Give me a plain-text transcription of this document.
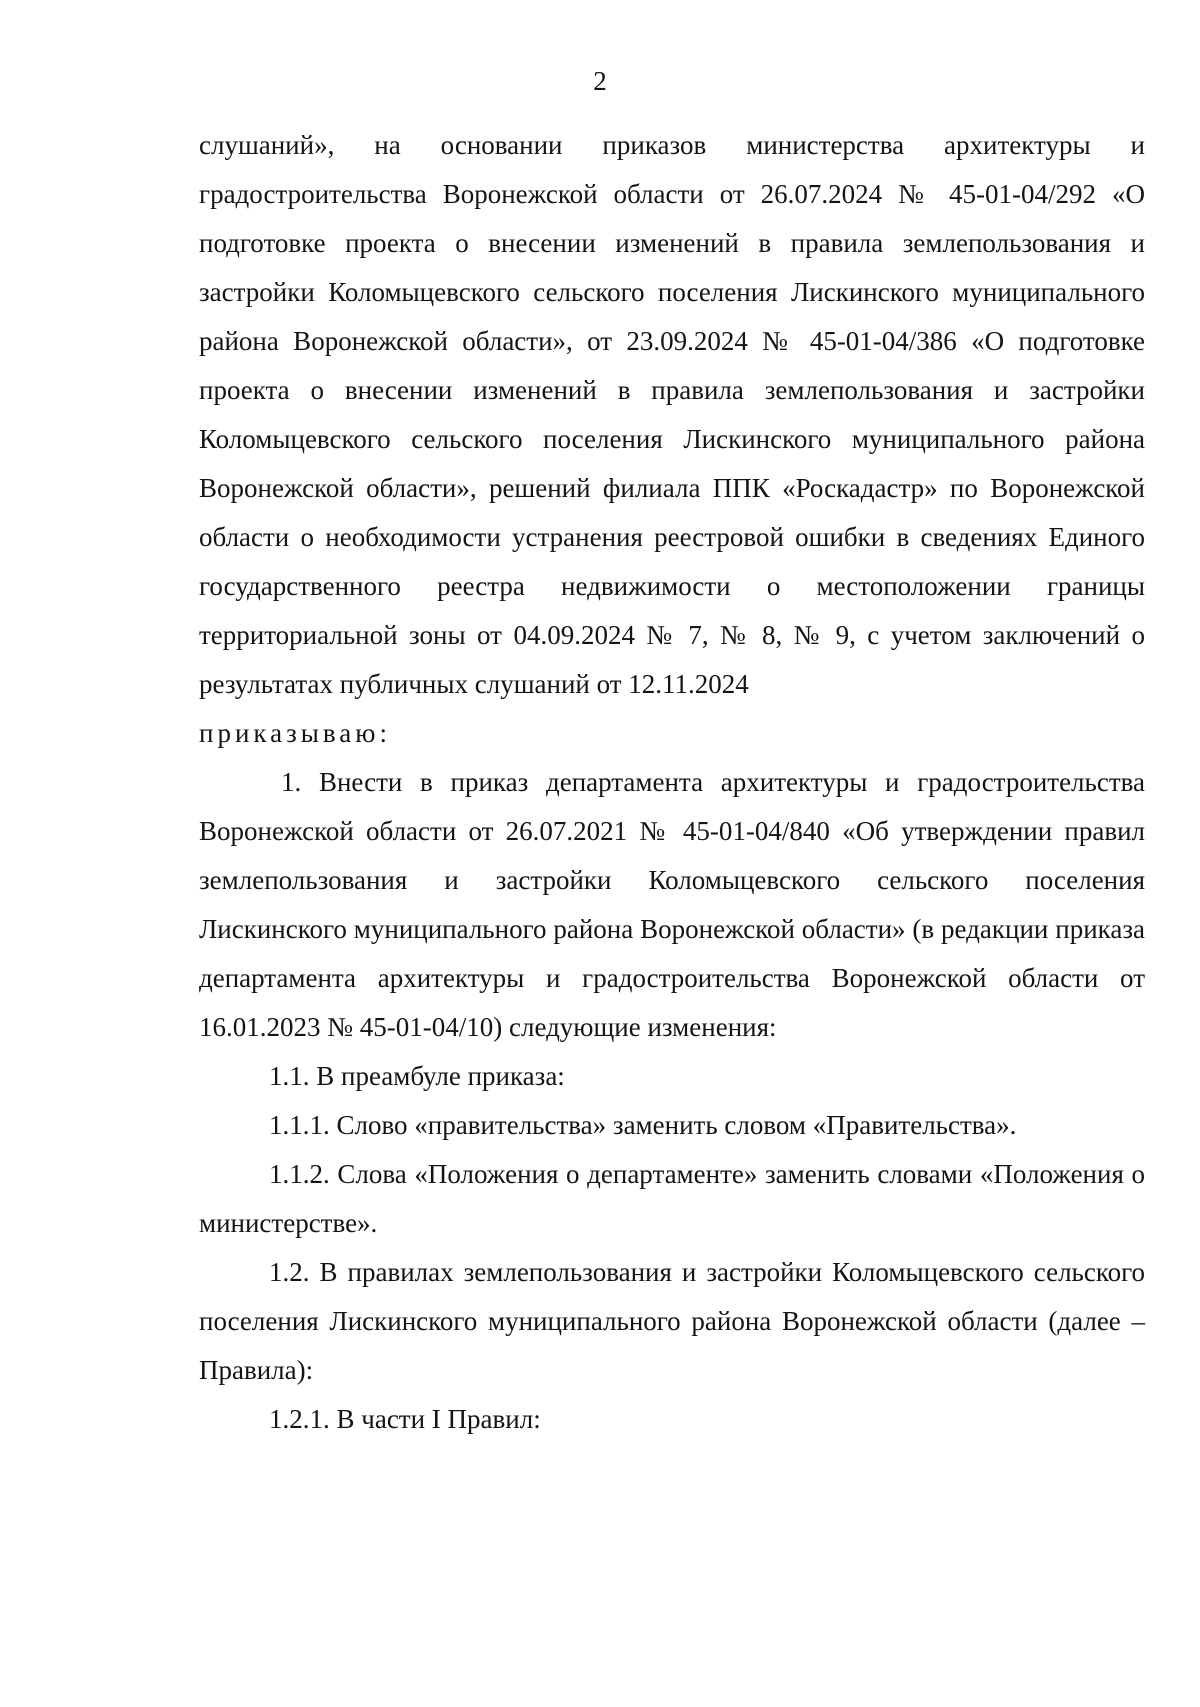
2

слушаний», на основании приказов министерства архитектуры и градостроительства Воронежской области от 26.07.2024 № 45-01-04/292 «О подготовке проекта о внесении изменений в правила землепользования и застройки Коломыцевского сельского поселения Лискинского муниципального района Воронежской области», от 23.09.2024 № 45-01-04/386 «О подготовке проекта о внесении изменений в правила землепользования и застройки Коломыцевского сельского поселения Лискинского муниципального района Воронежской области», решений филиала ППК «Роскадастр» по Воронежской области о необходимости устранения реестровой ошибки в сведениях Единого государственного реестра недвижимости о местоположении границы территориальной зоны от 04.09.2024 № 7, № 8, № 9, с учетом заключений о результатах публичных слушаний от 12.11.2024

приказываю:

1. Внести в приказ департамента архитектуры и градостроительства Воронежской области от 26.07.2021 № 45-01-04/840 «Об утверждении правил землепользования и застройки Коломыцевского сельского поселения Лискинского муниципального района Воронежской области» (в редакции приказа департамента архитектуры и градостроительства Воронежской области от 16.01.2023 № 45-01-04/10) следующие изменения:

1.1. В преамбуле приказа:

1.1.1. Слово «правительства» заменить словом «Правительства».

1.1.2. Слова «Положения о департаменте» заменить словами «Положения о министерстве».

1.2. В правилах землепользования и застройки Коломыцевского сельского поселения Лискинского муниципального района Воронежской области (далее – Правила):

1.2.1. В части I Правил:
